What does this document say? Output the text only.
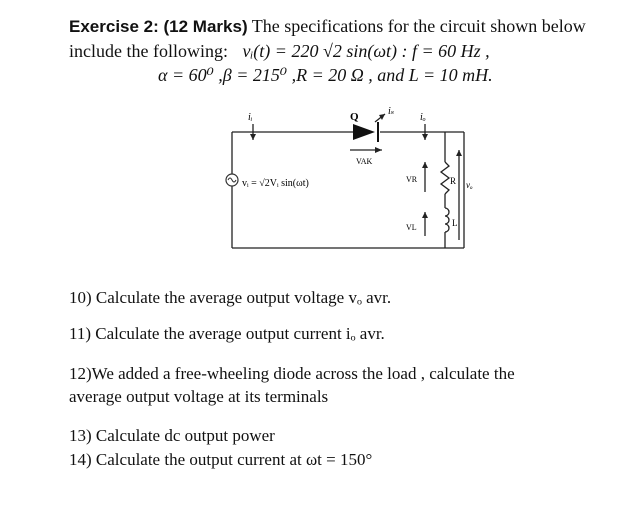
Exercise 2: (12 Marks) The specifications for the circuit shown below
include the following: vᵢ(t) = 220 √2 sin(ωt) : f = 60 Hz ,
α = 60⁰ ,β = 215⁰ ,R = 20 Ω , and L = 10 mH.
vᵢ = √2Vᵢ sin(ωt)
iᵢ	Q	iₛ
iₒ
VAK
VR	R vₒ
VL	L
10) Calculate the average output voltage vₒ avr.
11) Calculate the average output current iₒ avr.
12)We added a free-wheeling diode across the load , calculate the
average output voltage at its terminals
13) Calculate dc output power
14) Calculate the output current at ωt = 150°
